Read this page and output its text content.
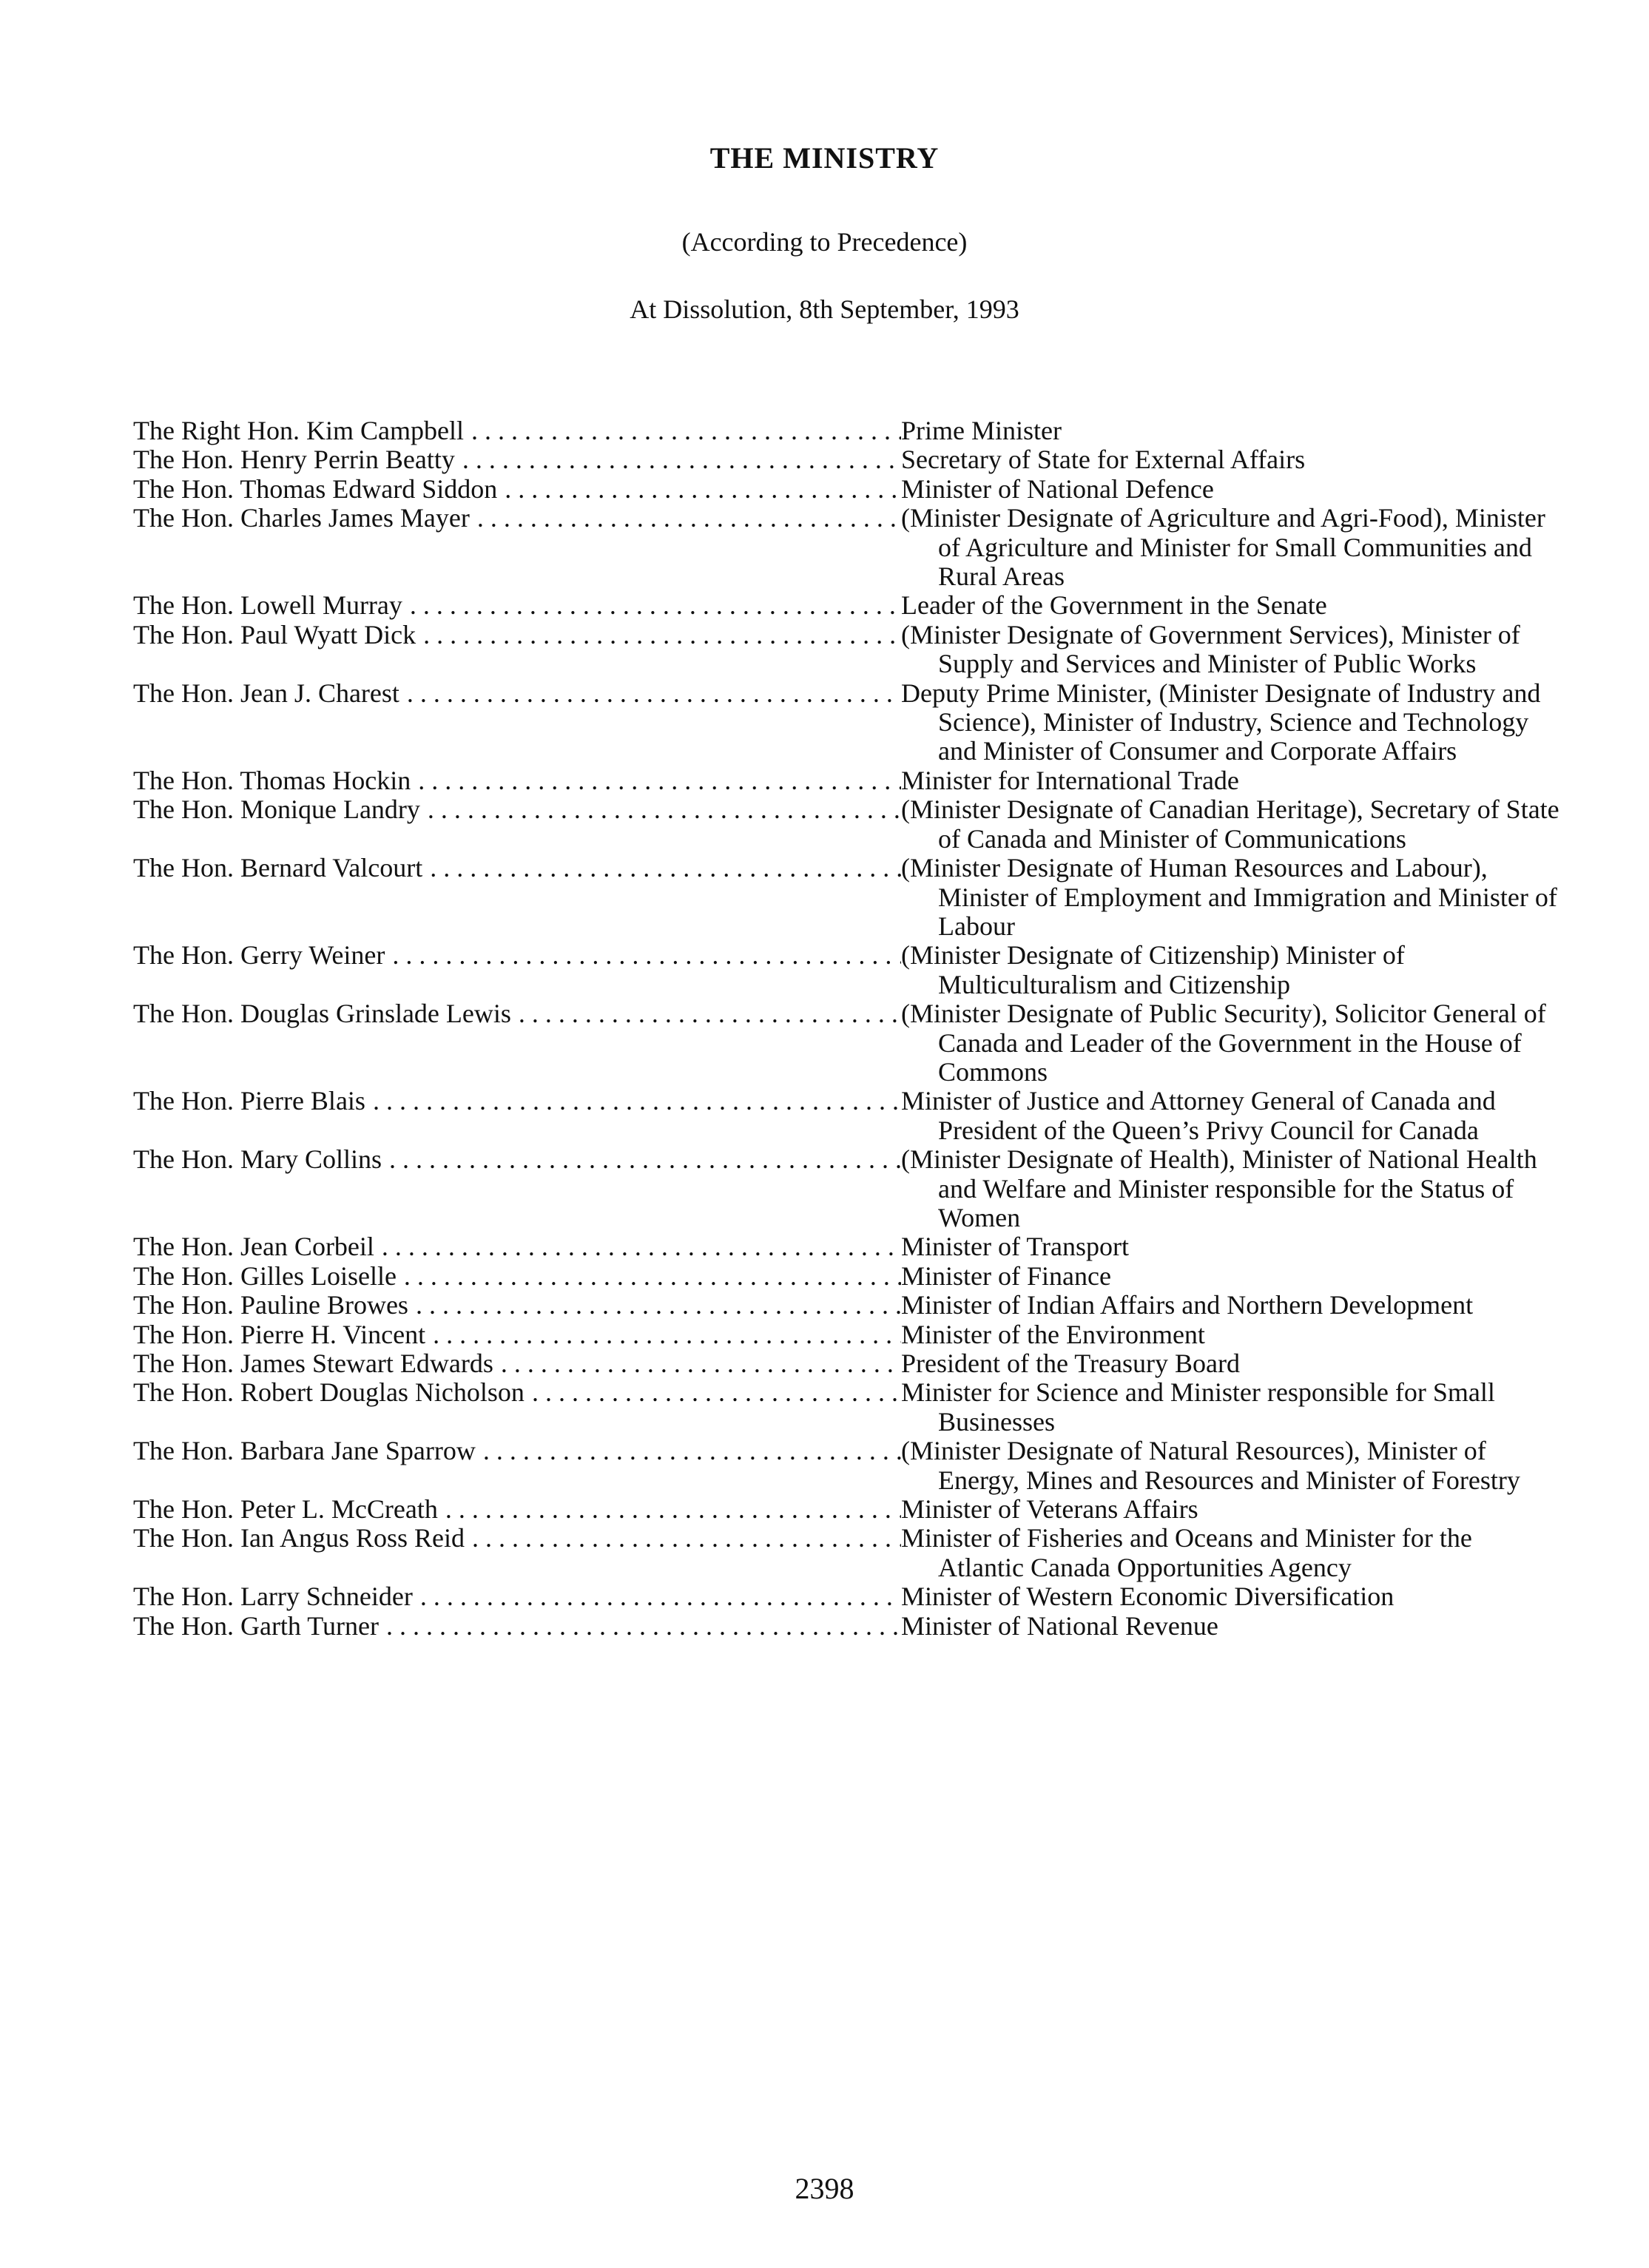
THE MINISTRY
(According to Precedence)
At Dissolution, 8th September, 1993
The Right Hon. Kim Campbell . . .	Prime Minister
The Hon. Henry Perrin Beatty . . .	Secretary of State for External Affairs
The Hon. Thomas Edward Siddon . . .	Minister of National Defence
The Hon. Charles James Mayer . . .	(Minister Designate of Agriculture and Agri-Food), Minister of Agriculture and Minister for Small Communities and Rural Areas
The Hon. Lowell Murray . . .	Leader of the Government in the Senate
The Hon. Paul Wyatt Dick . . .	(Minister Designate of Government Services), Minister of Supply and Services and Minister of Public Works
The Hon. Jean J. Charest . . .	Deputy Prime Minister, (Minister Designate of Industry and Science), Minister of Industry, Science and Technology and Minister of Consumer and Corporate Affairs
The Hon. Thomas Hockin . . .	Minister for International Trade
The Hon. Monique Landry . . .	(Minister Designate of Canadian Heritage), Secretary of State of Canada and Minister of Communications
The Hon. Bernard Valcourt . . .	(Minister Designate of Human Resources and Labour), Minister of Employment and Immigration and Minister of Labour
The Hon. Gerry Weiner . . .	(Minister Designate of Citizenship) Minister of Multiculturalism and Citizenship
The Hon. Douglas Grinslade Lewis . . .	(Minister Designate of Public Security), Solicitor General of Canada and Leader of the Government in the House of Commons
The Hon. Pierre Blais . . .	Minister of Justice and Attorney General of Canada and President of the Queen’s Privy Council for Canada
The Hon. Mary Collins . . .	(Minister Designate of Health), Minister of National Health and Welfare and Minister responsible for the Status of Women
The Hon. Jean Corbeil . . .	Minister of Transport
The Hon. Gilles Loiselle . . .	Minister of Finance
The Hon. Pauline Browes . . .	Minister of Indian Affairs and Northern Development
The Hon. Pierre H. Vincent . . .	Minister of the Environment
The Hon. James Stewart Edwards . . .	President of the Treasury Board
The Hon. Robert Douglas Nicholson . . .	Minister for Science and Minister responsible for Small Businesses
The Hon. Barbara Jane Sparrow . . .	(Minister Designate of Natural Resources), Minister of Energy, Mines and Resources and Minister of Forestry
The Hon. Peter L. McCreath . . .	Minister of Veterans Affairs
The Hon. Ian Angus Ross Reid . . .	Minister of Fisheries and Oceans and Minister for the Atlantic Canada Opportunities Agency
The Hon. Larry Schneider . . .	Minister of Western Economic Diversification
The Hon. Garth Turner . . .	Minister of National Revenue
2398
